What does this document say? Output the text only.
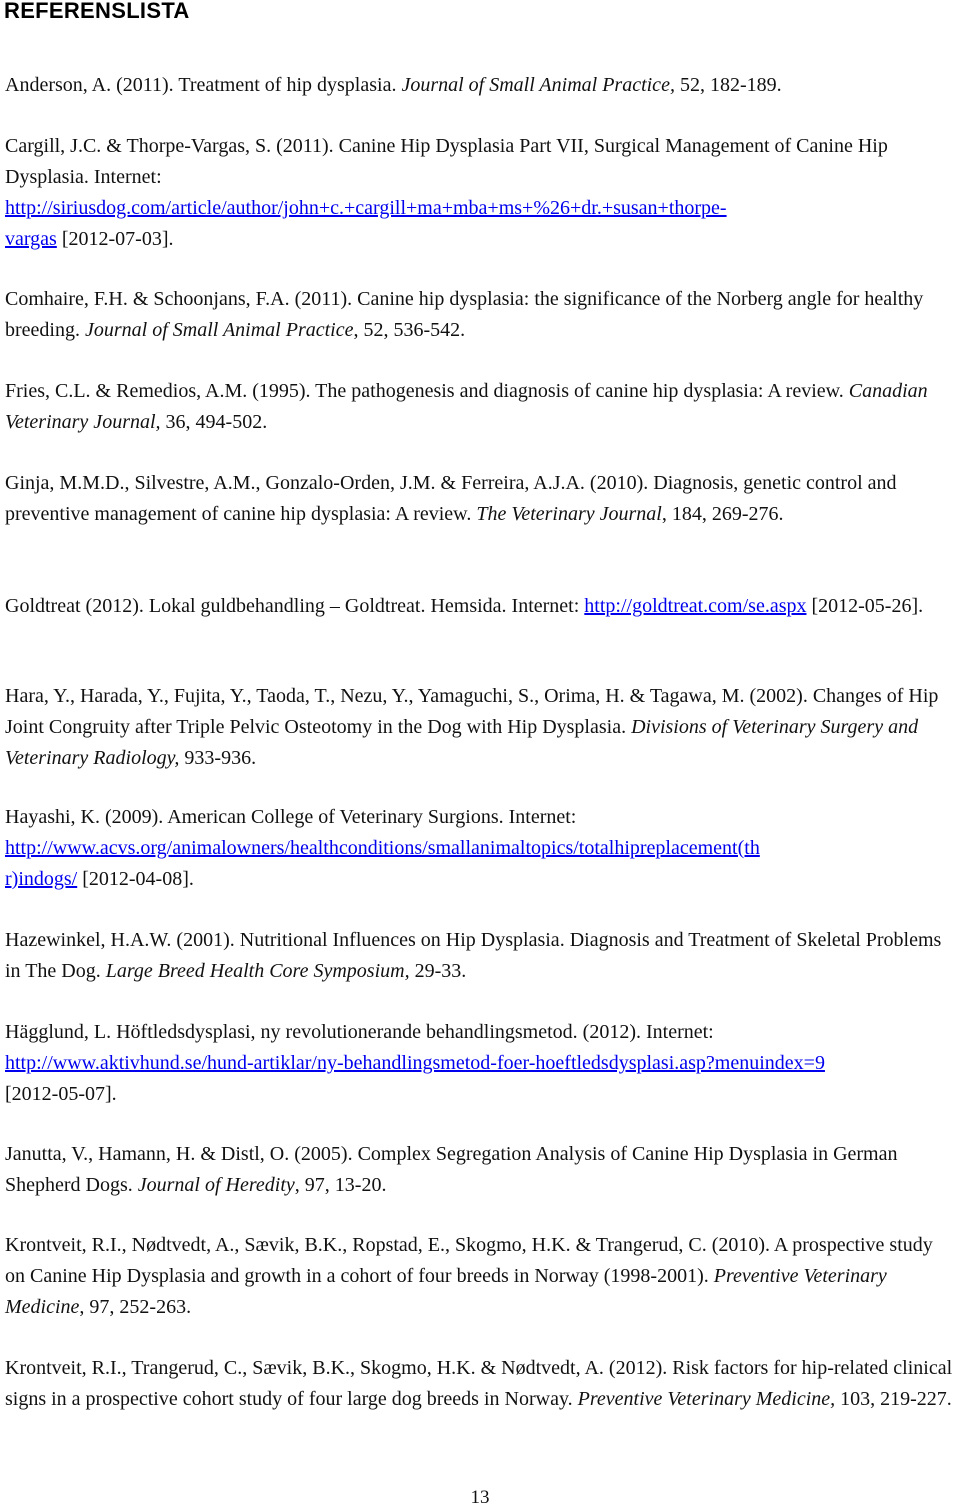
REFERENSLISTA

Anderson, A. (2011). Treatment of hip dysplasia. Journal of Small Animal Practice, 52, 182-189.

Cargill, J.C. & Thorpe-Vargas, S. (2011). Canine Hip Dysplasia Part VII, Surgical Management of Canine Hip Dysplasia. Internet:
http://siriusdog.com/article/author/john+c.+cargill+ma+mba+ms+%26+dr.+susan+thorpe-
vargas [2012-07-03].

Comhaire, F.H. & Schoonjans, F.A. (2011). Canine hip dysplasia: the significance of the Norberg angle for healthy breeding. Journal of Small Animal Practice, 52, 536-542.

Fries, C.L. & Remedios, A.M. (1995). The pathogenesis and diagnosis of canine hip dysplasia: A review. Canadian Veterinary Journal, 36, 494-502.

Ginja, M.M.D., Silvestre, A.M., Gonzalo-Orden, J.M. & Ferreira, A.J.A. (2010). Diagnosis, genetic control and preventive management of canine hip dysplasia: A review. The Veterinary Journal, 184, 269-276.

Goldtreat (2012). Lokal guldbehandling – Goldtreat. Hemsida. Internet: http://goldtreat.com/se.aspx [2012-05-26].

Hara, Y., Harada, Y., Fujita, Y., Taoda, T., Nezu, Y., Yamaguchi, S., Orima, H. & Tagawa, M. (2002). Changes of Hip Joint Congruity after Triple Pelvic Osteotomy in the Dog with Hip Dysplasia. Divisions of Veterinary Surgery and Veterinary Radiology, 933-936.

Hayashi, K. (2009). American College of Veterinary Surgions. Internet:
http://www.acvs.org/animalowners/healthconditions/smallanimaltopics/totalhipreplacement(th
r)indogs/ [2012-04-08].

Hazewinkel, H.A.W. (2001). Nutritional Influences on Hip Dysplasia. Diagnosis and Treatment of Skeletal Problems in The Dog. Large Breed Health Core Symposium, 29-33.

Hägglund, L. Höftledsdysplasi, ny revolutionerande behandlingsmetod. (2012). Internet:
http://www.aktivhund.se/hund-artiklar/ny-behandlingsmetod-foer-hoeftledsdysplasi.asp?menuindex=9
[2012-05-07].

Janutta, V., Hamann, H. & Distl, O. (2005). Complex Segregation Analysis of Canine Hip Dysplasia in German Shepherd Dogs. Journal of Heredity, 97, 13-20.

Krontveit, R.I., Nødtvedt, A., Sævik, B.K., Ropstad, E., Skogmo, H.K. & Trangerud, C. (2010). A prospective study on Canine Hip Dysplasia and growth in a cohort of four breeds in Norway (1998-2001). Preventive Veterinary Medicine, 97, 252-263.

Krontveit, R.I., Trangerud, C., Sævik, B.K., Skogmo, H.K. & Nødtvedt, A. (2012). Risk factors for hip-related clinical signs in a prospective cohort study of four large dog breeds in Norway. Preventive Veterinary Medicine, 103, 219-227.

13
